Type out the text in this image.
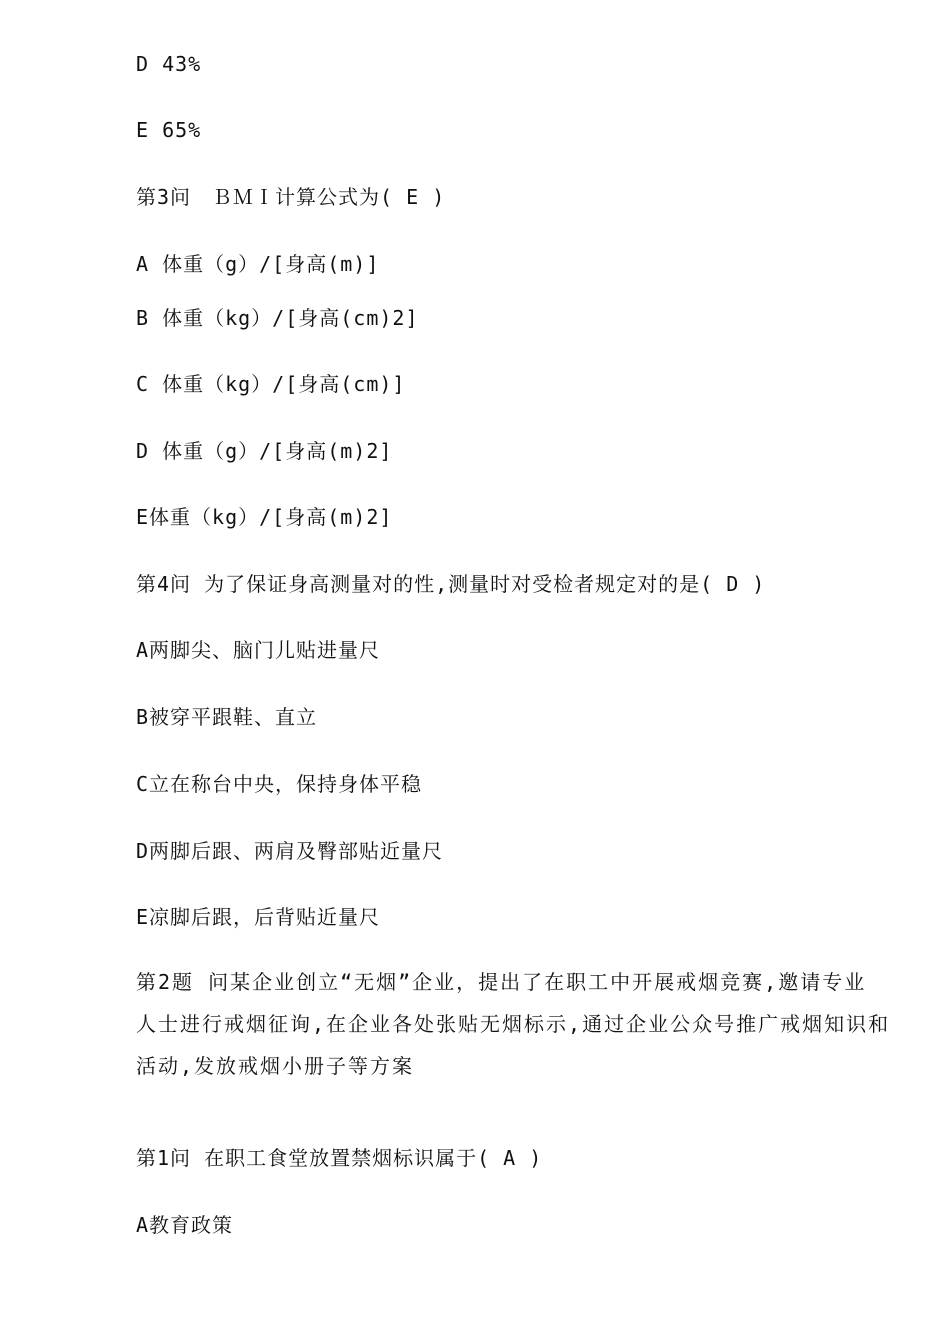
D 43%
E 65%
第3问　ＢＭＩ计算公式为( E )
A 体重（g）/[身高(m)]
B 体重（kg）/[身高(cm)2]
C 体重（kg）/[身高(cm)]
D 体重（g）/[身高(m)2]
E体重（kg）/[身高(m)2]
第4问 为了保证身高测量对的性,测量时对受检者规定对的是( D )
A两脚尖、脑门儿贴进量尺
B被穿平跟鞋、直立
C立在称台中央，保持身体平稳
D两脚后跟、两肩及臀部贴近量尺
E凉脚后跟，后背贴近量尺
第2题 问某企业创立“无烟”企业，提出了在职工中开展戒烟竞赛,邀请专业
人士进行戒烟征询,在企业各处张贴无烟标示,通过企业公众号推广戒烟知识和
活动,发放戒烟小册子等方案
第1问 在职工食堂放置禁烟标识属于( A )
A教育政策
